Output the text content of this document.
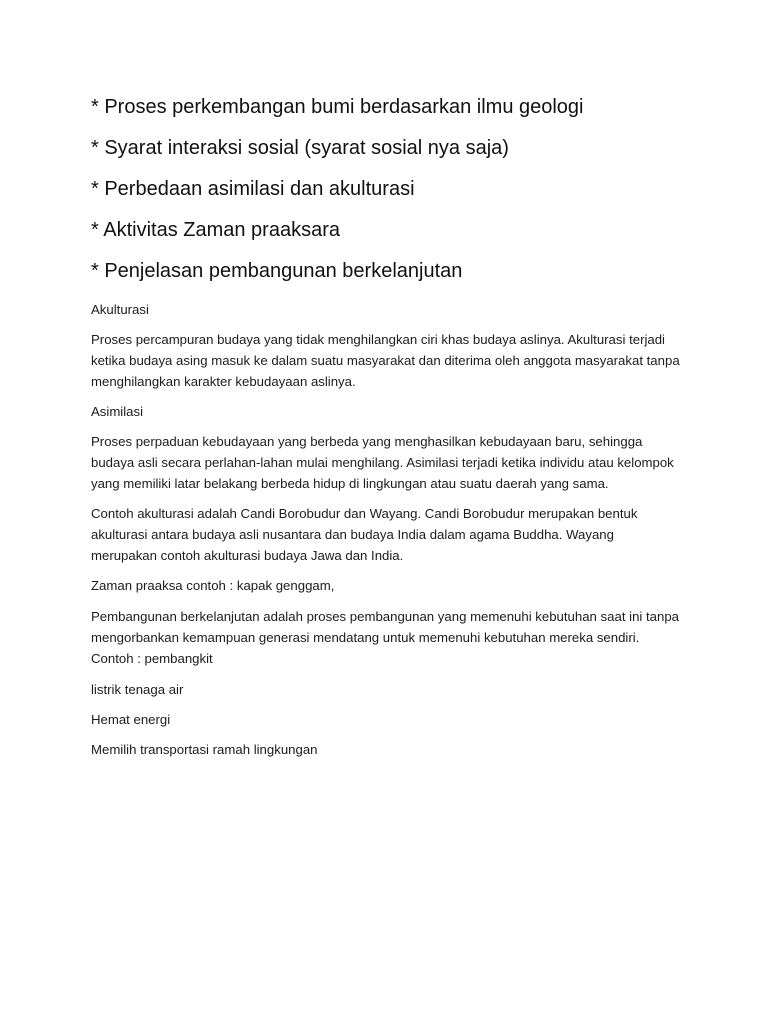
* Proses perkembangan bumi berdasarkan ilmu geologi
* Syarat interaksi sosial (syarat sosial nya saja)
* Perbedaan asimilasi dan akulturasi
* Aktivitas Zaman praaksara
* Penjelasan pembangunan berkelanjutan

Akulturasi

Proses percampuran budaya yang tidak menghilangkan ciri khas budaya aslinya. Akulturasi terjadi ketika budaya asing masuk ke dalam suatu masyarakat dan diterima oleh anggota masyarakat tanpa menghilangkan karakter kebudayaan aslinya.

Asimilasi

Proses perpaduan kebudayaan yang berbeda yang menghasilkan kebudayaan baru, sehingga budaya asli secara perlahan-lahan mulai menghilang. Asimilasi terjadi ketika individu atau kelompok yang memiliki latar belakang berbeda hidup di lingkungan atau suatu daerah yang sama.

Contoh akulturasi adalah Candi Borobudur dan Wayang. Candi Borobudur merupakan bentuk akulturasi antara budaya asli nusantara dan budaya India dalam agama Buddha. Wayang merupakan contoh akulturasi budaya Jawa dan India.

Zaman praaksa contoh : kapak genggam,

Pembangunan berkelanjutan adalah proses pembangunan yang memenuhi kebutuhan saat ini tanpa mengorbankan kemampuan generasi mendatang untuk memenuhi kebutuhan mereka sendiri. Contoh : pembangkit

listrik tenaga air

Hemat energi

Memilih transportasi ramah lingkungan
